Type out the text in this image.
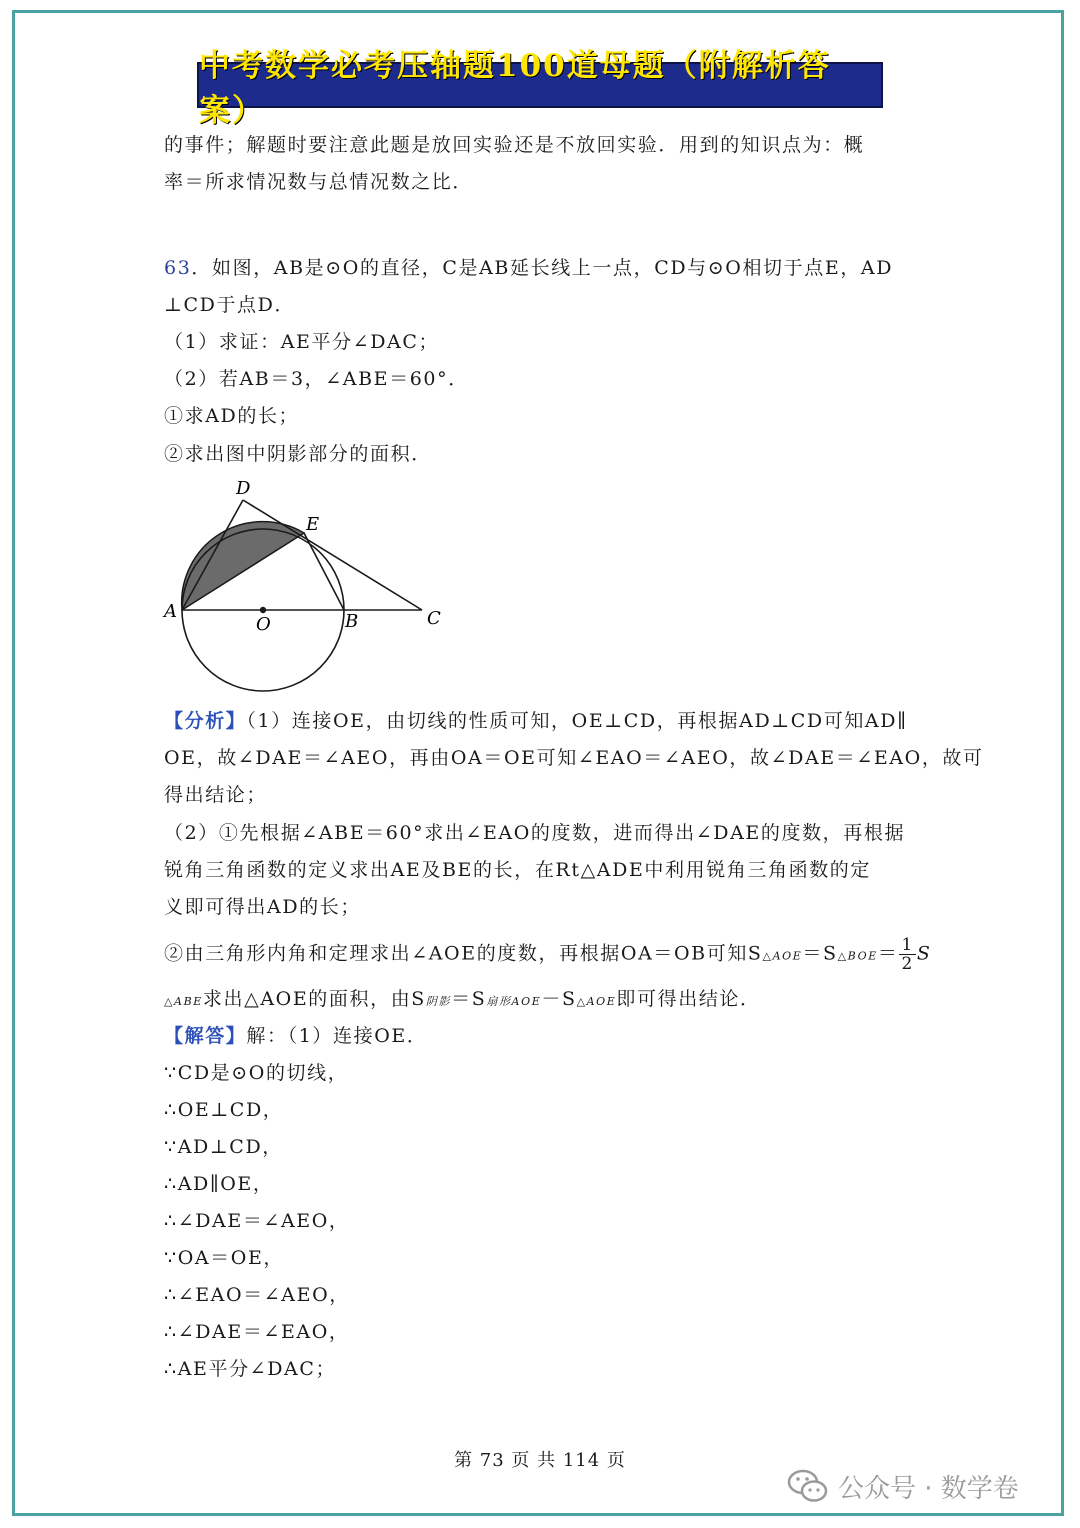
中考数学必考压轴题100道母题（附解析答案）
的事件；解题时要注意此题是放回实验还是不放回实验．用到的知识点为：概
率＝所求情况数与总情况数之比．
63．如图，AB是⊙O的直径，C是AB延长线上一点，CD与⊙O相切于点E，AD
⊥CD于点D．
（1）求证：AE平分∠DAC；
（2）若AB＝3，∠ABE＝60°．
①求AD的长；
②求出图中阴影部分的面积．
D
E
A
O	B	C
【分析】（1）连接OE，由切线的性质可知，OE⊥CD，再根据AD⊥CD可知AD∥
OE，故∠DAE＝∠AEO，再由OA＝OE可知∠EAO＝∠AEO，故∠DAE＝∠EAO，故可
得出结论；
（2）①先根据∠ABE＝60°求出∠EAO的度数，进而得出∠DAE的度数，再根据
锐角三角函数的定义求出AE及BE的长，在Rt△ADE中利用锐角三角函数的定
义即可得出AD的长；
②由三角形内角和定理求出∠AOE的度数，再根据OA＝OB可知S△AOE＝S△BOE＝ $\frac{1}{2}$ S
△ABE求出△AOE的面积，由S阴影＝S扇形AOE－S△AOE即可得出结论．
【解答】解：（1）连接OE．
∵CD是⊙O的切线，
∴OE⊥CD，
∵AD⊥CD，
∴AD∥OE，
∴∠DAE＝∠AEO，
∵OA＝OE，
∴∠EAO＝∠AEO，
∴∠DAE＝∠EAO，
∴AE平分∠DAC；
第 73 页 共 114 页
公众号 · 数学卷
